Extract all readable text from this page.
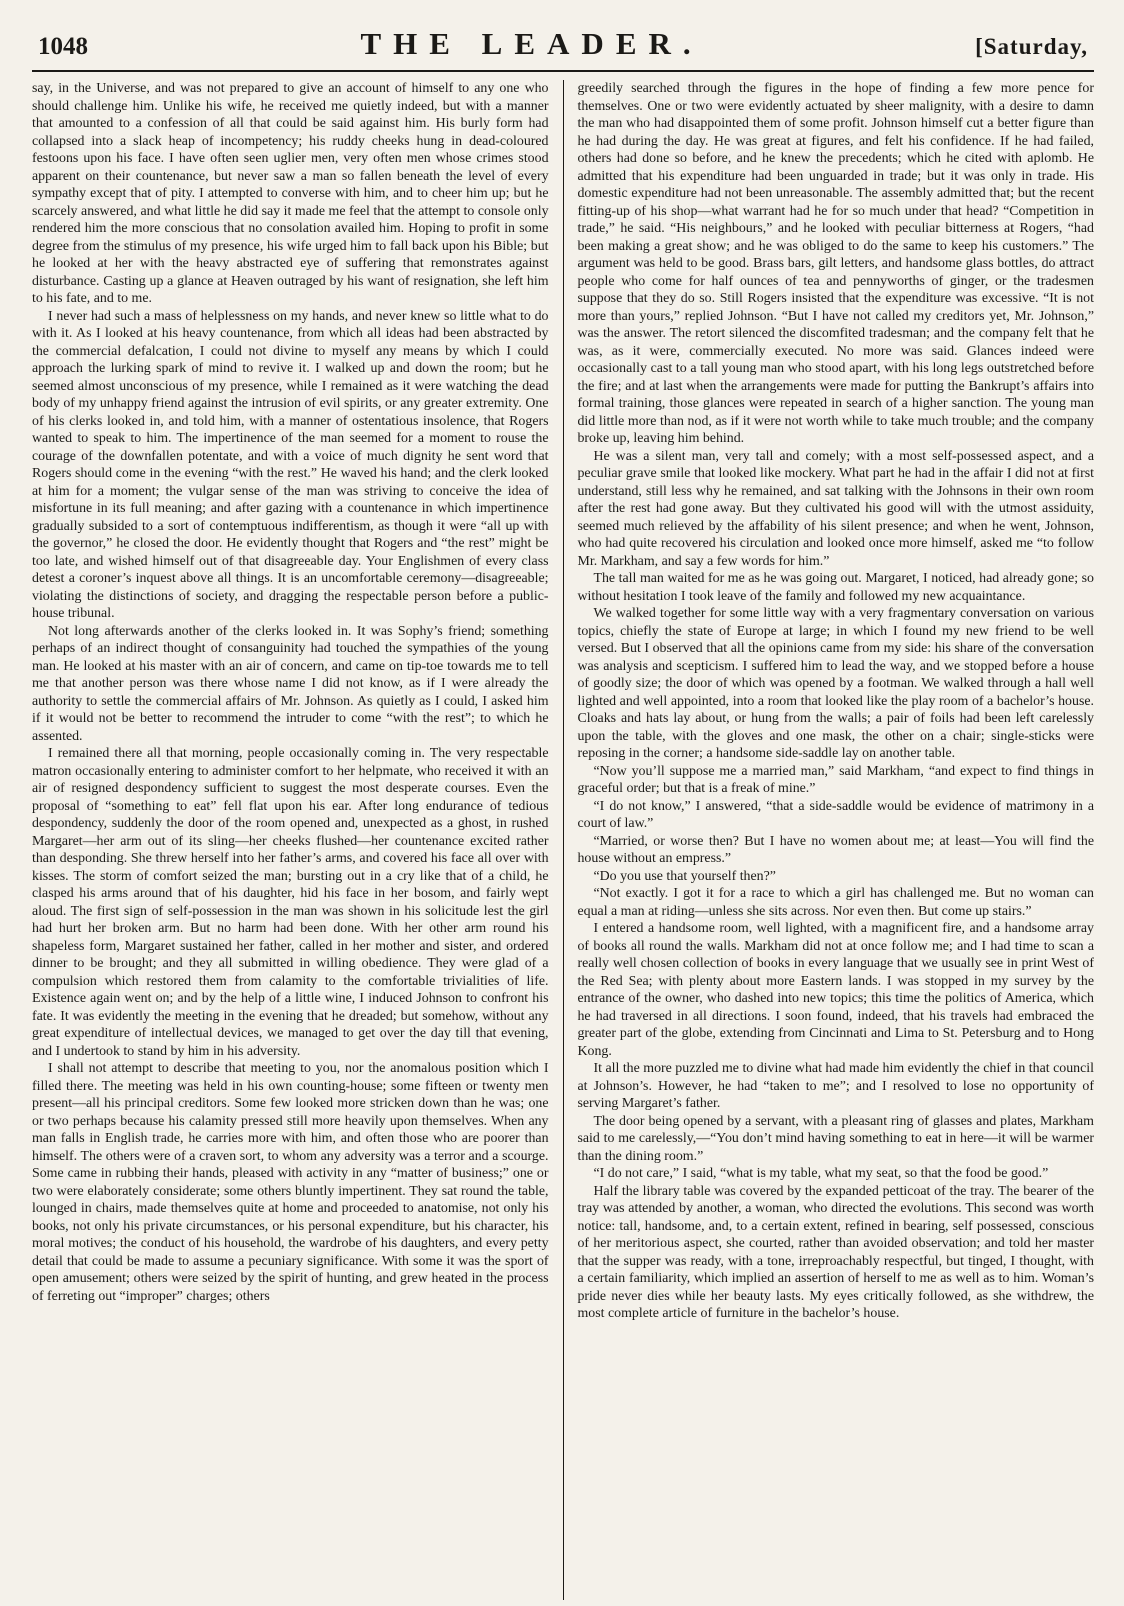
1048	THE LEADER.	[Saturday,

say, in the Universe, and was not prepared to give an account of himself to any one who should challenge him. Unlike his wife, he received me quietly indeed, but with a manner that amounted to a confession of all that could be said against him. His burly form had collapsed into a slack heap of incompetency; his ruddy cheeks hung in dead-coloured festoons upon his face. I have often seen uglier men, very often men whose crimes stood apparent on their countenance, but never saw a man so fallen beneath the level of every sympathy except that of pity. I attempted to converse with him, and to cheer him up; but he scarcely answered, and what little he did say it made me feel that the attempt to console only rendered him the more conscious that no consolation availed him. Hoping to profit in some degree from the stimulus of my presence, his wife urged him to fall back upon his Bible; but he looked at her with the heavy abstracted eye of suffering that remonstrates against disturbance. Casting up a glance at Heaven outraged by his want of resignation, she left him to his fate, and to me.

I never had such a mass of helplessness on my hands, and never knew so little what to do with it. As I looked at his heavy countenance, from which all ideas had been abstracted by the commercial defalcation, I could not divine to myself any means by which I could approach the lurking spark of mind to revive it. I walked up and down the room; but he seemed almost unconscious of my presence, while I remained as it were watching the dead body of my unhappy friend against the intrusion of evil spirits, or any greater extremity. One of his clerks looked in, and told him, with a manner of ostentatious insolence, that Rogers wanted to speak to him. The impertinence of the man seemed for a moment to rouse the courage of the downfallen potentate, and with a voice of much dignity he sent word that Rogers should come in the evening “with the rest.” He waved his hand; and the clerk looked at him for a moment; the vulgar sense of the man was striving to conceive the idea of misfortune in its full meaning; and after gazing with a countenance in which impertinence gradually subsided to a sort of contemptuous indifferentism, as though it were “all up with the governor,” he closed the door. He evidently thought that Rogers and “the rest” might be too late, and wished himself out of that disagreeable day. Your Englishmen of every class detest a coroner’s inquest above all things. It is an uncomfortable ceremony—disagreeable; violating the distinctions of society, and dragging the respectable person before a public-house tribunal.

Not long afterwards another of the clerks looked in. It was Sophy’s friend; something perhaps of an indirect thought of consanguinity had touched the sympathies of the young man. He looked at his master with an air of concern, and came on tip-toe towards me to tell me that another person was there whose name I did not know, as if I were already the authority to settle the commercial affairs of Mr. Johnson. As quietly as I could, I asked him if it would not be better to recommend the intruder to come “with the rest”; to which he assented.

I remained there all that morning, people occasionally coming in. The very respectable matron occasionally entering to administer comfort to her helpmate, who received it with an air of resigned despondency sufficient to suggest the most desperate courses. Even the proposal of “something to eat” fell flat upon his ear. After long endurance of tedious despondency, suddenly the door of the room opened and, unexpected as a ghost, in rushed Margaret—her arm out of its sling—her cheeks flushed—her countenance excited rather than desponding. She threw herself into her father’s arms, and covered his face all over with kisses. The storm of comfort seized the man; bursting out in a cry like that of a child, he clasped his arms around that of his daughter, hid his face in her bosom, and fairly wept aloud. The first sign of self-possession in the man was shown in his solicitude lest the girl had hurt her broken arm. But no harm had been done. With her other arm round his shapeless form, Margaret sustained her father, called in her mother and sister, and ordered dinner to be brought; and they all submitted in willing obedience. They were glad of a compulsion which restored them from calamity to the comfortable trivialities of life. Existence again went on; and by the help of a little wine, I induced Johnson to confront his fate. It was evidently the meeting in the evening that he dreaded; but somehow, without any great expenditure of intellectual devices, we managed to get over the day till that evening, and I undertook to stand by him in his adversity.

I shall not attempt to describe that meeting to you, nor the anomalous position which I filled there. The meeting was held in his own counting-house; some fifteen or twenty men present—all his principal creditors. Some few looked more stricken down than he was; one or two perhaps because his calamity pressed still more heavily upon themselves. When any man falls in English trade, he carries more with him, and often those who are poorer than himself. The others were of a craven sort, to whom any adversity was a terror and a scourge. Some came in rubbing their hands, pleased with activity in any “matter of business;” one or two were elaborately considerate; some others bluntly impertinent. They sat round the table, lounged in chairs, made themselves quite at home and proceeded to anatomise, not only his books, not only his private circumstances, or his personal expenditure, but his character, his moral motives; the conduct of his household, the wardrobe of his daughters, and every petty detail that could be made to assume a pecuniary significance. With some it was the sport of open amusement; others were seized by the spirit of hunting, and grew heated in the process of ferreting out “improper” charges; others

greedily searched through the figures in the hope of finding a few more pence for themselves. One or two were evidently actuated by sheer malignity, with a desire to damn the man who had disappointed them of some profit. Johnson himself cut a better figure than he had during the day. He was great at figures, and felt his confidence. If he had failed, others had done so before, and he knew the precedents; which he cited with aplomb. He admitted that his expenditure had been unguarded in trade; but it was only in trade. His domestic expenditure had not been unreasonable. The assembly admitted that; but the recent fitting-up of his shop—what warrant had he for so much under that head? “Competition in trade,” he said. “His neighbours,” and he looked with peculiar bitterness at Rogers, “had been making a great show; and he was obliged to do the same to keep his customers.” The argument was held to be good. Brass bars, gilt letters, and handsome glass bottles, do attract people who come for half ounces of tea and pennyworths of ginger, or the tradesmen suppose that they do so. Still Rogers insisted that the expenditure was excessive. “It is not more than yours,” replied Johnson. “But I have not called my creditors yet, Mr. Johnson,” was the answer. The retort silenced the discomfited tradesman; and the company felt that he was, as it were, commercially executed. No more was said. Glances indeed were occasionally cast to a tall young man who stood apart, with his long legs outstretched before the fire; and at last when the arrangements were made for putting the Bankrupt’s affairs into formal training, those glances were repeated in search of a higher sanction. The young man did little more than nod, as if it were not worth while to take much trouble; and the company broke up, leaving him behind.

He was a silent man, very tall and comely; with a most self-possessed aspect, and a peculiar grave smile that looked like mockery. What part he had in the affair I did not at first understand, still less why he remained, and sat talking with the Johnsons in their own room after the rest had gone away. But they cultivated his good will with the utmost assiduity, seemed much relieved by the affability of his silent presence; and when he went, Johnson, who had quite recovered his circulation and looked once more himself, asked me “to follow Mr. Markham, and say a few words for him.”

The tall man waited for me as he was going out. Margaret, I noticed, had already gone; so without hesitation I took leave of the family and followed my new acquaintance.

We walked together for some little way with a very fragmentary conversation on various topics, chiefly the state of Europe at large; in which I found my new friend to be well versed. But I observed that all the opinions came from my side: his share of the conversation was analysis and scepticism. I suffered him to lead the way, and we stopped before a house of goodly size; the door of which was opened by a footman. We walked through a hall well lighted and well appointed, into a room that looked like the play room of a bachelor’s house. Cloaks and hats lay about, or hung from the walls; a pair of foils had been left carelessly upon the table, with the gloves and one mask, the other on a chair; single-sticks were reposing in the corner; a handsome side-saddle lay on another table.

“Now you’ll suppose me a married man,” said Markham, “and expect to find things in graceful order; but that is a freak of mine.”

“I do not know,” I answered, “that a side-saddle would be evidence of matrimony in a court of law.”

“Married, or worse then? But I have no women about me; at least—You will find the house without an empress.”

“Do you use that yourself then?”

“Not exactly. I got it for a race to which a girl has challenged me. But no woman can equal a man at riding—unless she sits across. Nor even then. But come up stairs.”

I entered a handsome room, well lighted, with a magnificent fire, and a handsome array of books all round the walls. Markham did not at once follow me; and I had time to scan a really well chosen collection of books in every language that we usually see in print West of the Red Sea; with plenty about more Eastern lands. I was stopped in my survey by the entrance of the owner, who dashed into new topics; this time the politics of America, which he had traversed in all directions. I soon found, indeed, that his travels had embraced the greater part of the globe, extending from Cincinnati and Lima to St. Petersburg and to Hong Kong.

It all the more puzzled me to divine what had made him evidently the chief in that council at Johnson’s. However, he had “taken to me”; and I resolved to lose no opportunity of serving Margaret’s father.

The door being opened by a servant, with a pleasant ring of glasses and plates, Markham said to me carelessly,—“You don’t mind having something to eat in here—it will be warmer than the dining room.”

“I do not care,” I said, “what is my table, what my seat, so that the food be good.”

Half the library table was covered by the expanded petticoat of the tray. The bearer of the tray was attended by another, a woman, who directed the evolutions. This second was worth notice: tall, handsome, and, to a certain extent, refined in bearing, self possessed, conscious of her meritorious aspect, she courted, rather than avoided observation; and told her master that the supper was ready, with a tone, irreproachably respectful, but tinged, I thought, with a certain familiarity, which implied an assertion of herself to me as well as to him. Woman’s pride never dies while her beauty lasts. My eyes critically followed, as she withdrew, the most complete article of furniture in the bachelor’s house.
